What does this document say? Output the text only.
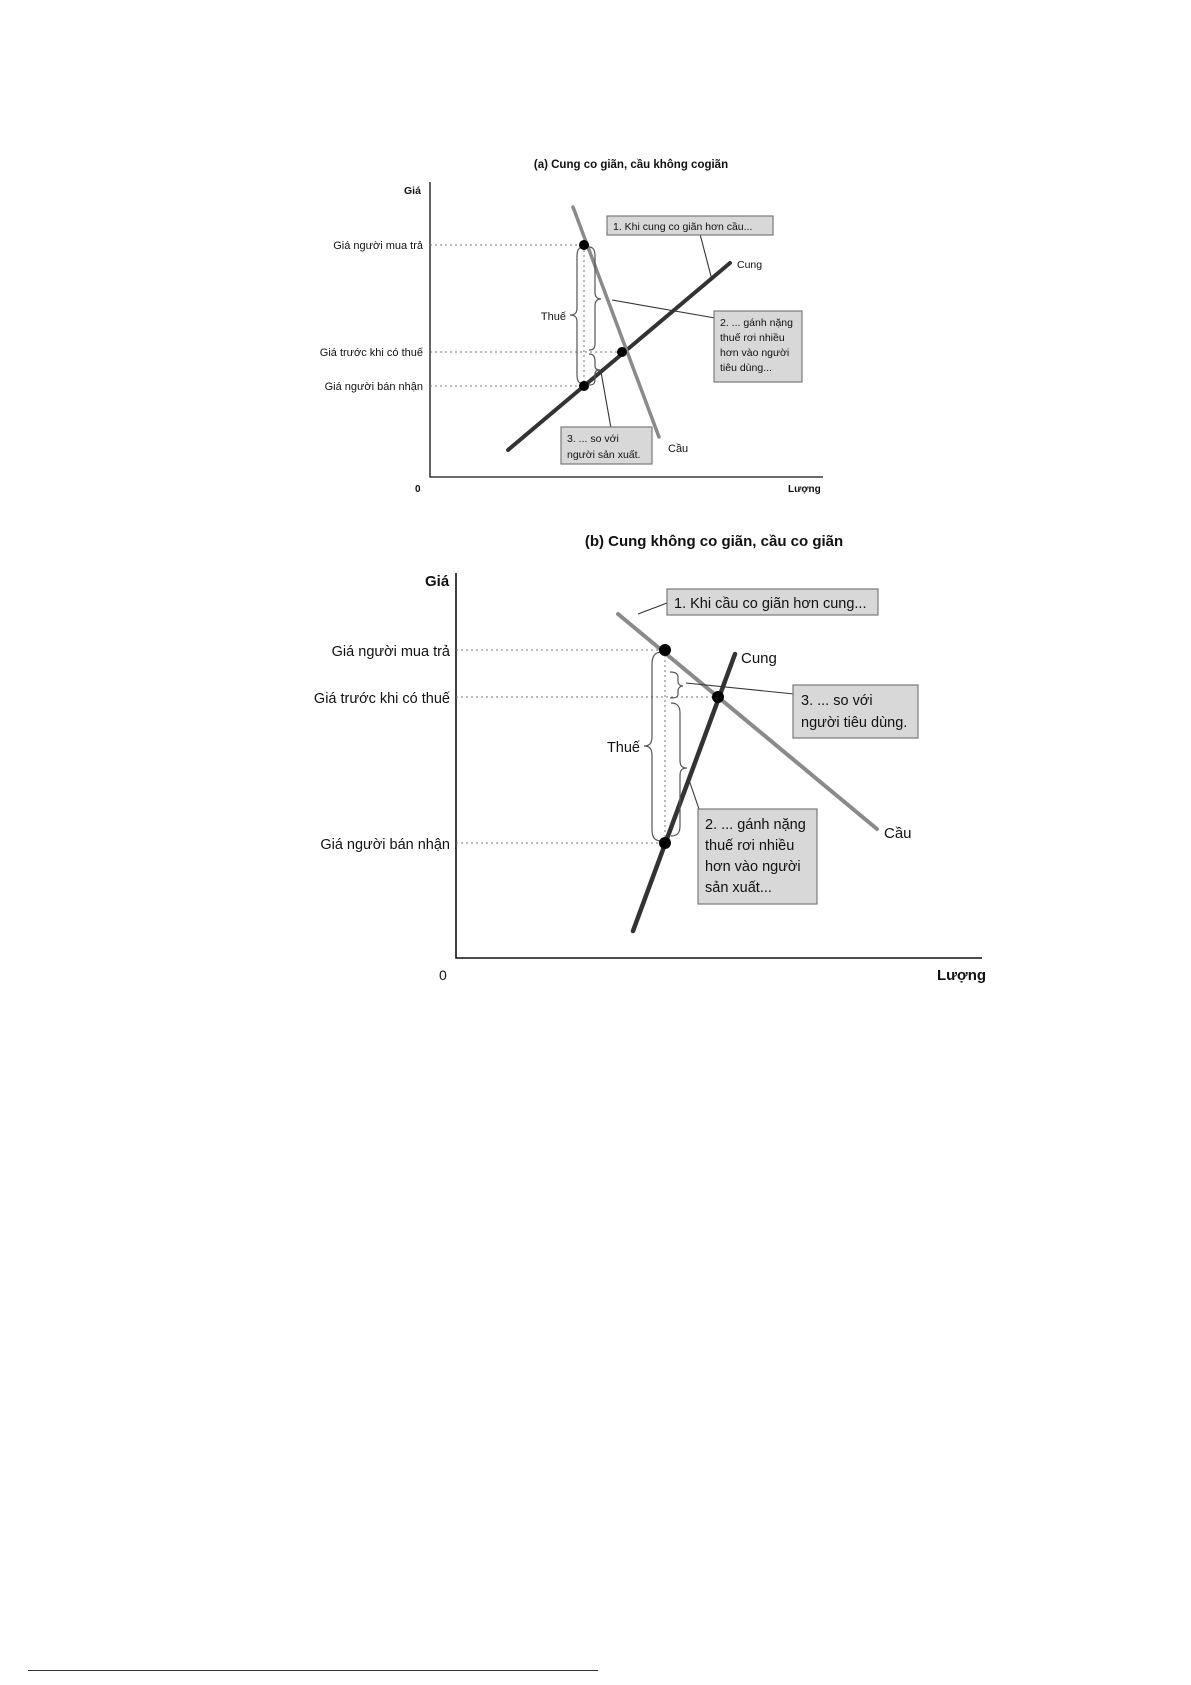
(a) Cung co giãn, cầu không cogiãn
Giá
Lượng
0
Giá người mua trả
Giá trước khi có thuế
Giá người bán nhận
Thuế
Cung
Cầu
1. Khi cung co giãn hơn cầu...
2. ... gánh nặng
thuế rơi nhiều
hơn vào người
tiêu dùng...
3. ... so với
người sản xuất.
(b) Cung không co giãn, cầu co giãn
Giá
Lượng
0
Giá người mua trả
Giá trước khi có thuế
Giá người bán nhận
Thuế
Cung
Cầu
1. Khi cầu co giãn hơn cung...
3. ... so với
người tiêu dùng.
2. ... gánh nặng
thuế rơi nhiều
hơn vào người
sản xuất...
